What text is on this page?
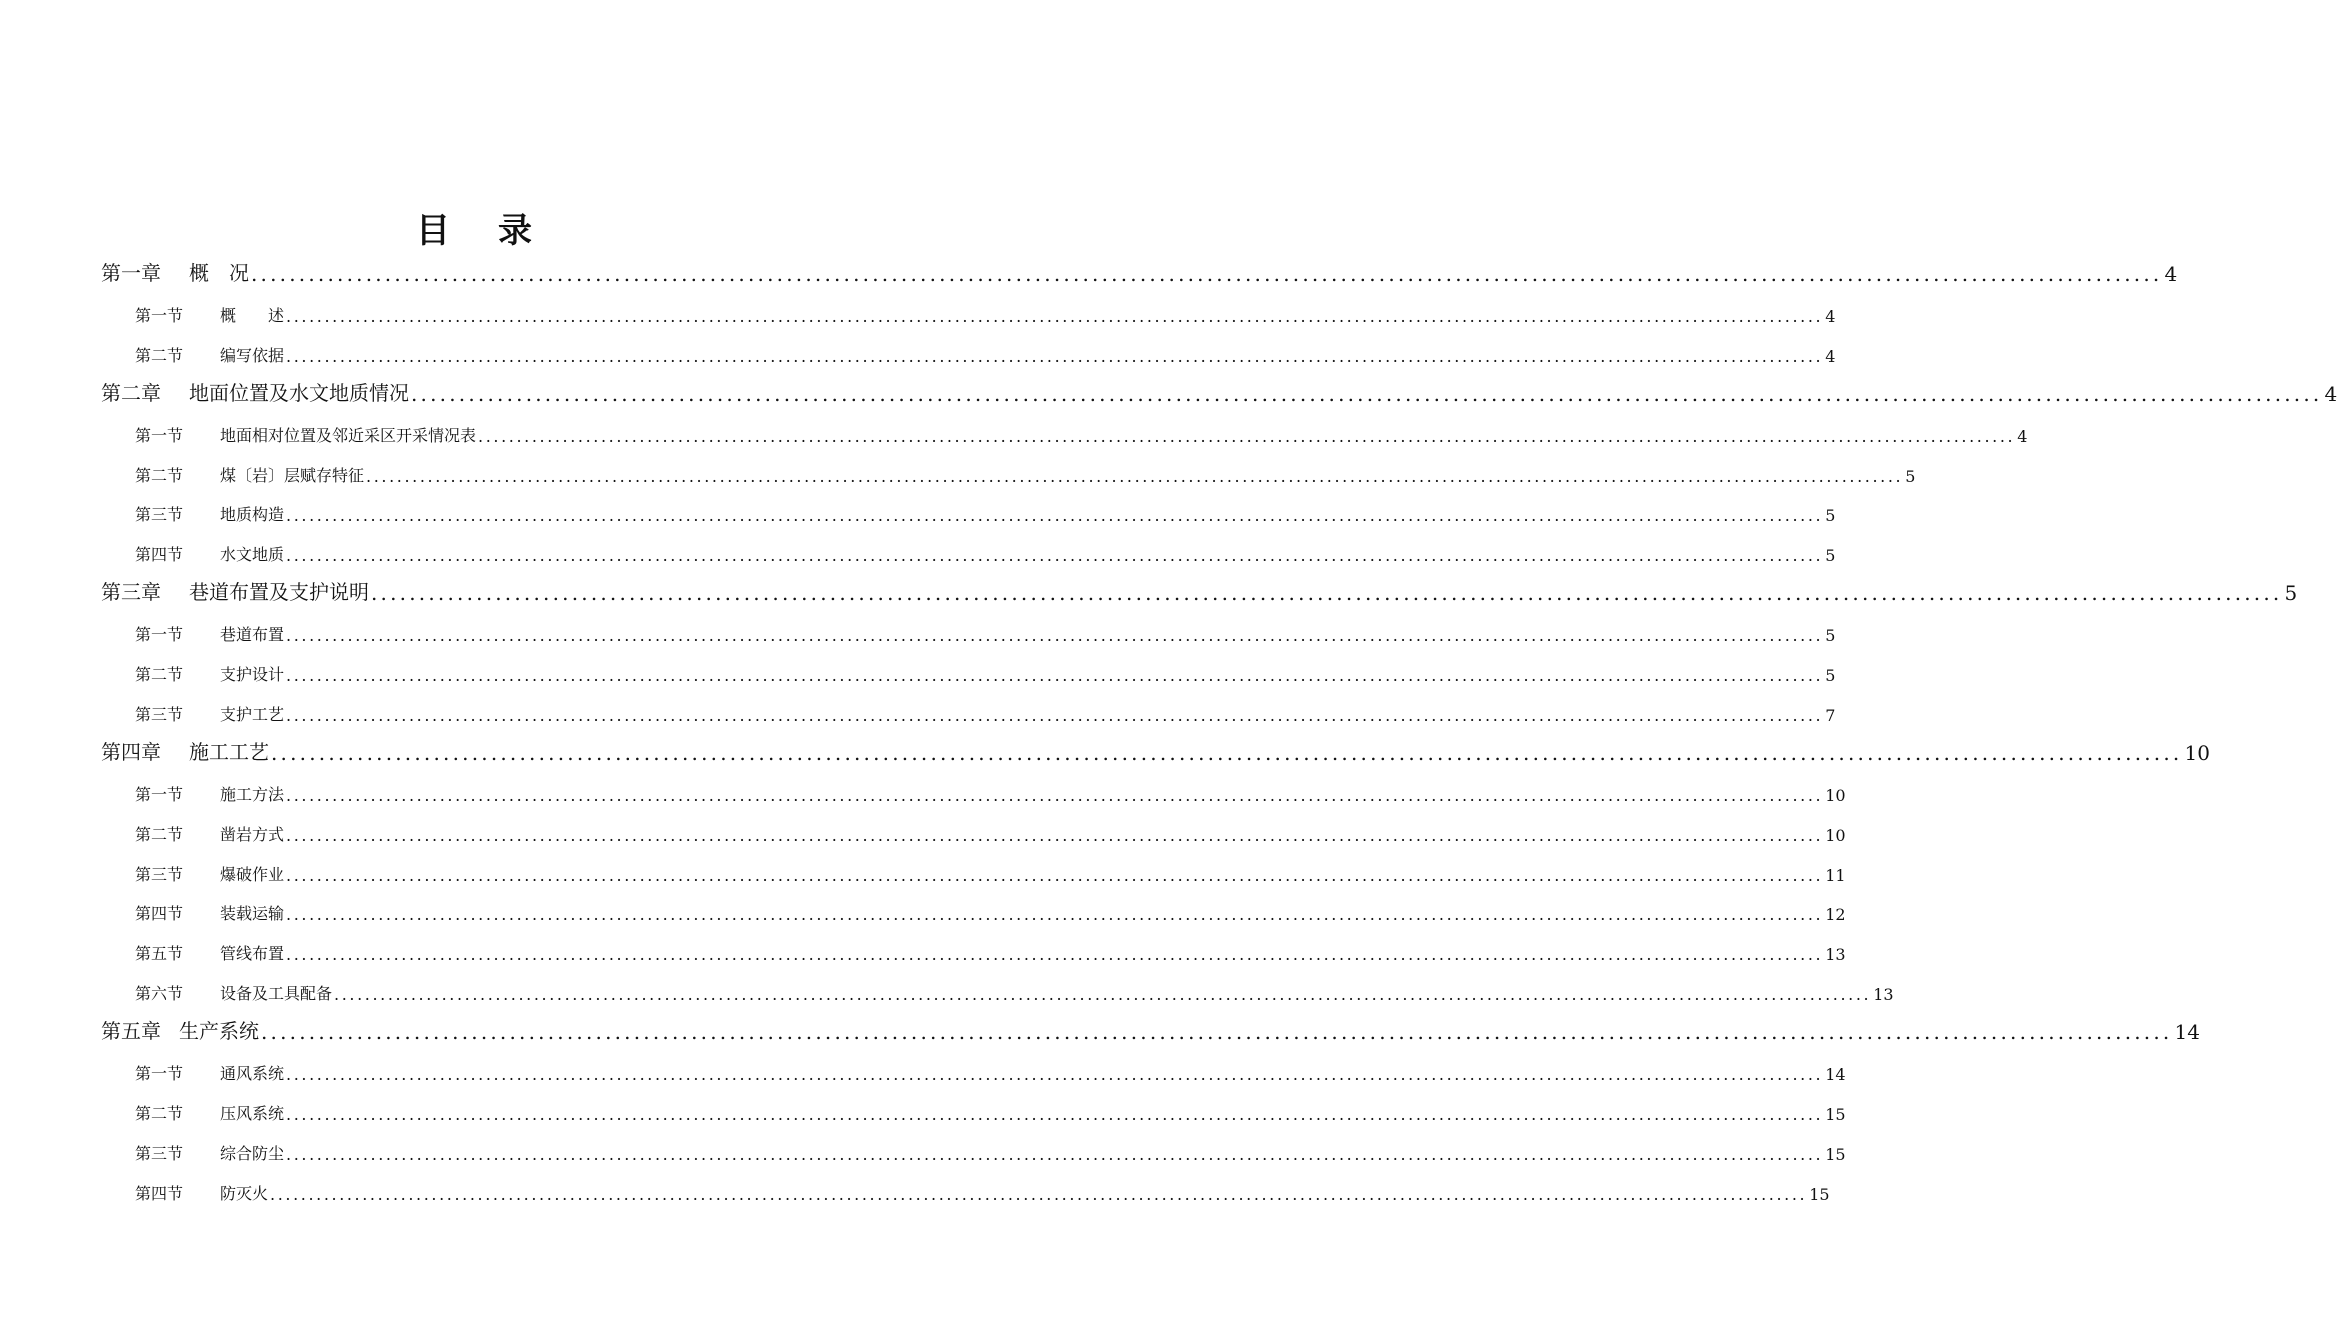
目 录
第一章	概　况 ........................................................................................................................................................................................................ 4
第一节	概　　述 ........................................................................................................................................................................................................ 4
第二节	编写依据 ........................................................................................................................................................................................................ 4
第二章	地面位置及水文地质情况 ........................................................................................................................................................................................................ 4
第一节	地面相对位置及邻近采区开采情况表 ........................................................................................................................................................................................................ 4
第二节	煤〔岩〕层赋存特征 ........................................................................................................................................................................................................ 5
第三节	地质构造 ........................................................................................................................................................................................................ 5
第四节	水文地质 ........................................................................................................................................................................................................ 5
第三章	巷道布置及支护说明 ........................................................................................................................................................................................................ 5
第一节	巷道布置 ........................................................................................................................................................................................................ 5
第二节	支护设计 ........................................................................................................................................................................................................ 5
第三节	支护工艺 ........................................................................................................................................................................................................ 7
第四章	施工工艺 ........................................................................................................................................................................................................ 10
第一节	施工方法 ........................................................................................................................................................................................................ 10
第二节	凿岩方式 ........................................................................................................................................................................................................ 10
第三节	爆破作业 ........................................................................................................................................................................................................ 11
第四节	装载运输 ........................................................................................................................................................................................................ 12
第五节	管线布置 ........................................................................................................................................................................................................ 13
第六节	设备及工具配备 ........................................................................................................................................................................................................ 13
第五章 生产系统 ........................................................................................................................................................................................................ 14
第一节	通风系统 ........................................................................................................................................................................................................ 14
第二节	压风系统 ........................................................................................................................................................................................................ 15
第三节	综合防尘 ........................................................................................................................................................................................................ 15
第四节	防灭火 ........................................................................................................................................................................................................ 15
